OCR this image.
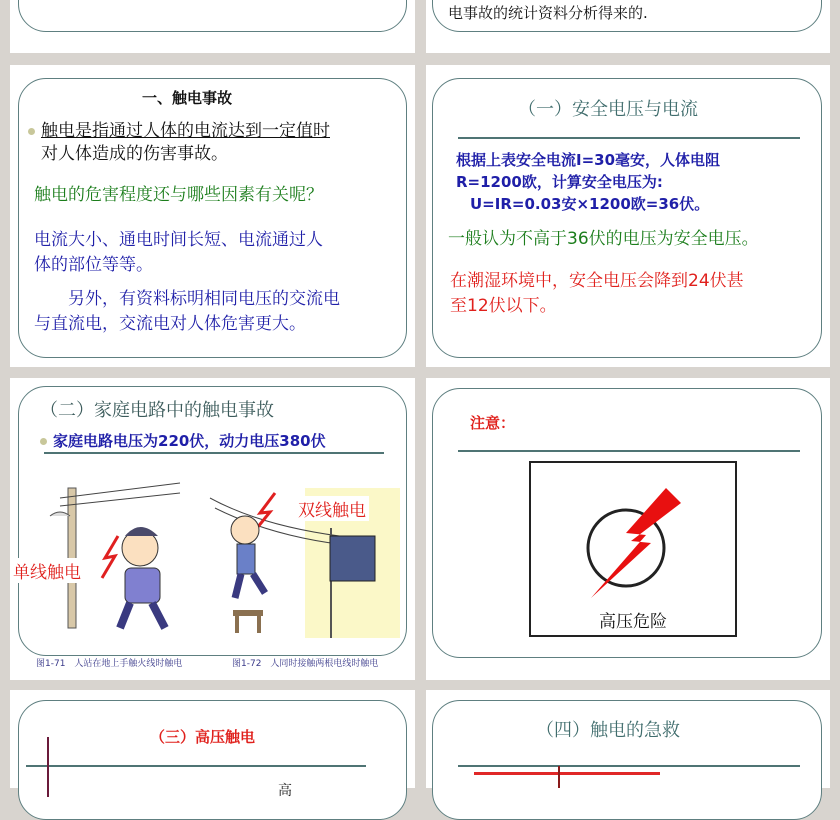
电事故的统计资料分析得来的.
一、触电事故
触电是指通过人体的电流达到一定值时
对人体造成的伤害事故。
触电的危害程度还与哪些因素有关呢？
电流大小、通电时间长短、电流通过人
体的部位等等。
另外，有资料标明相同电压的交流电
与直流电，交流电对人体危害更大。
（一）安全电压与电流
根据上表安全电流I=30毫安，人体电阻
R=1200欧，计算安全电压为:
U=IR=0.03安×1200欧=36伏。
一般认为不高于36伏的电压为安全电压。
在潮湿环境中，安全电压会降到24伏甚
至12伏以下。
（二）家庭电路中的触电事故
家庭电路电压为220伏，动力电压380伏
单线触电
双线触电
图1-71　人站在地上手触火线时触电	图1-72　人同时接触两根电线时触电
注意：
高压危险
（三）高压触电
高
（四）触电的急救
